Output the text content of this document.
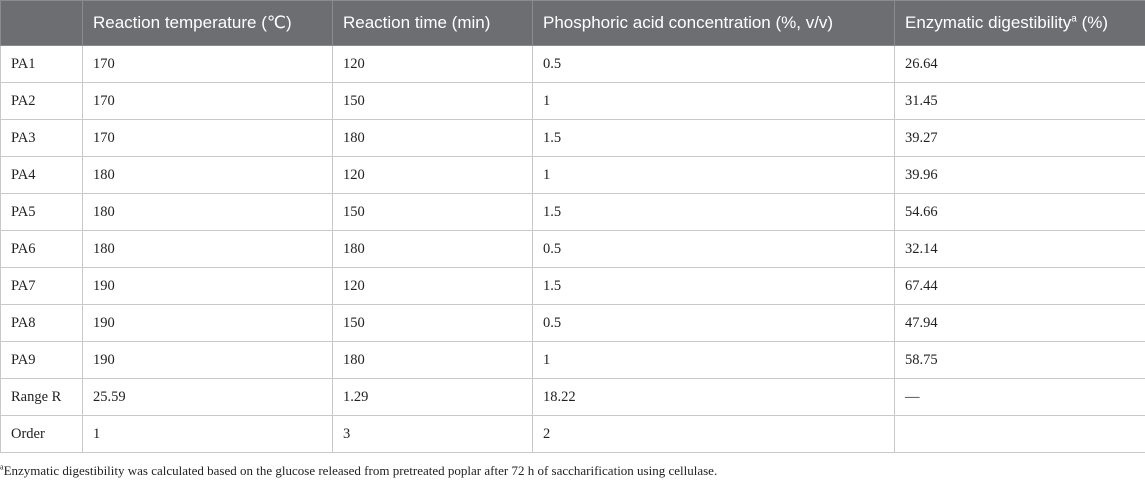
	Reaction temperature (℃)	Reaction time (min)	Phosphoric acid concentration (%, v/v)	Enzymatic digestibility$^a$ (%)
PA1	170	120	0.5	26.64
PA2	170	150	1	31.45
PA3	170	180	1.5	39.27
PA4	180	120	1	39.96
PA5	180	150	1.5	54.66
PA6	180	180	0.5	32.14
PA7	190	120	1.5	67.44
PA8	190	150	0.5	47.94
PA9	190	180	1	58.75
Range R	25.59	1.29	18.22	—
Order	1	3	2	
$^a$Enzymatic digestibility was calculated based on the glucose released from pretreated poplar after 72 h of saccharification using cellulase.
